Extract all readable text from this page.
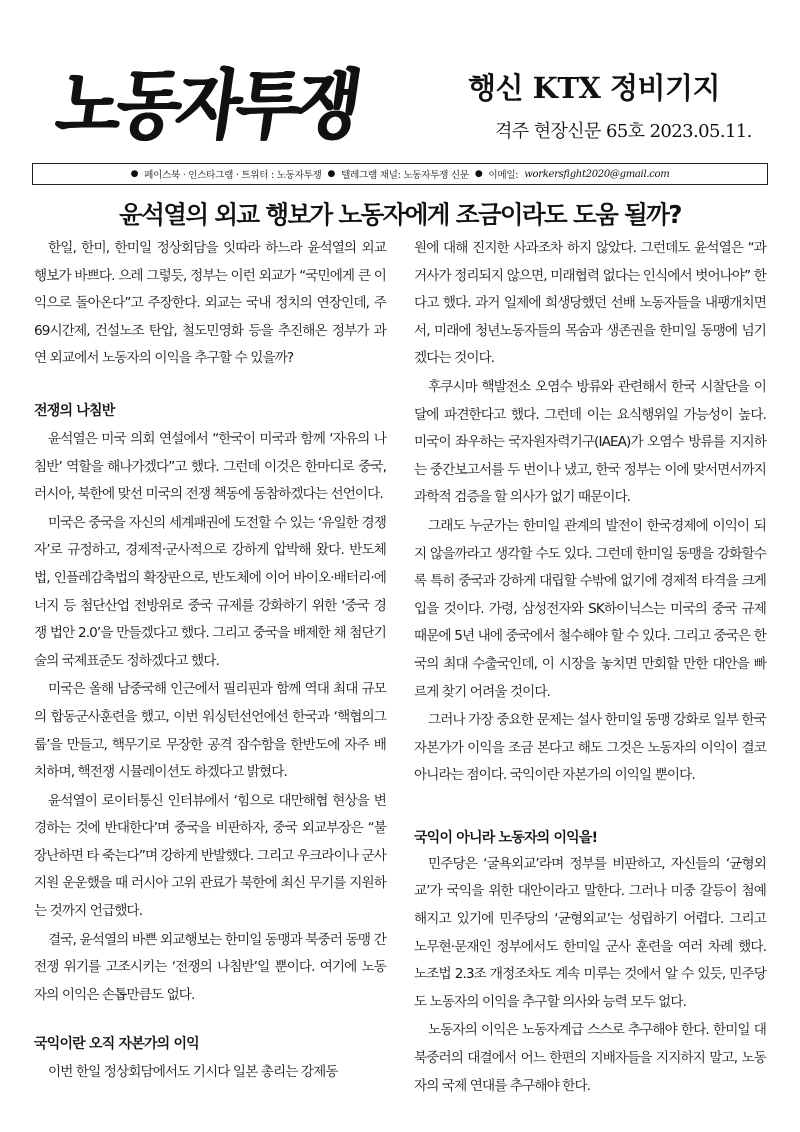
노동자투쟁	행신 KTX 정비기지
격주 현장신문 65호 2023.05.11.
● 페이스북 · 인스타그램 · 트위터 : 노동자투쟁 ● 텔레그램 채널: 노동자투쟁 신문 ● 이메일: workersfight2020@gmail.com
윤석열의 외교 행보가 노동자에게 조금이라도 도움 될까?

한일, 한미, 한미일 정상회담을 잇따라 하느라 윤석열의 외교 행보가 바쁘다. 으레 그렇듯, 정부는 이런 외교가 “국민에게 큰 이익으로 돌아온다”고 주장한다. 외교는 국내 정치의 연장인데, 주 69시간제, 건설노조 탄압, 철도민영화 등을 추진해온 정부가 과연 외교에서 노동자의 이익을 추구할 수 있을까?

전쟁의 나침반

윤석열은 미국 의회 연설에서 “한국이 미국과 함께 ‘자유의 나침반’ 역할을 해나가겠다”고 했다. 그런데 이것은 한마디로 중국, 러시아, 북한에 맞선 미국의 전쟁 책동에 동참하겠다는 선언이다.

미국은 중국을 자신의 세계패권에 도전할 수 있는 ‘유일한 경쟁자’로 규정하고, 경제적·군사적으로 강하게 압박해 왔다. 반도체법, 인플레감축법의 확장판으로, 반도체에 이어 바이오·배터리·에너지 등 첨단산업 전방위로 중국 규제를 강화하기 위한 ‘중국 경쟁 법안 2.0’을 만들겠다고 했다. 그리고 중국을 배제한 채 첨단기술의 국제표준도 정하겠다고 했다.

미국은 올해 남중국해 인근에서 필리핀과 함께 역대 최대 규모의 합동군사훈련을 했고, 이번 워싱턴선언에선 한국과 ‘핵협의그룹’을 만들고, 핵무기로 무장한 공격 잠수함을 한반도에 자주 배치하며, 핵전쟁 시뮬레이션도 하겠다고 밝혔다.

윤석열이 로이터통신 인터뷰에서 ‘힘으로 대만해협 현상을 변경하는 것에 반대한다’며 중국을 비판하자, 중국 외교부장은 “불장난하면 타 죽는다”며 강하게 반발했다. 그리고 우크라이나 군사지원 운운했을 때 러시아 고위 관료가 북한에 최신 무기를 지원하는 것까지 언급했다.

결국, 윤석열의 바쁜 외교행보는 한미일 동맹과 북중러 동맹 간 전쟁 위기를 고조시키는 ‘전쟁의 나침반’일 뿐이다. 여기에 노동자의 이익은 손톱만큼도 없다.

국익이란 오직 자본가의 이익

이번 한일 정상회담에서도 기시다 일본 총리는 강제동

원에 대해 진지한 사과조차 하지 않았다. 그런데도 윤석열은 “과거사가 정리되지 않으면, 미래협력 없다는 인식에서 벗어나야” 한다고 했다. 과거 일제에 희생당했던 선배 노동자들을 내팽개치면서, 미래에 청년노동자들의 목숨과 생존권을 한미일 동맹에 넘기겠다는 것이다.

후쿠시마 핵발전소 오염수 방류와 관련해서 한국 시찰단을 이달에 파견한다고 했다. 그런데 이는 요식행위일 가능성이 높다. 미국이 좌우하는 국자원자력기구(IAEA)가 오염수 방류를 지지하는 중간보고서를 두 번이나 냈고, 한국 정부는 이에 맞서면서까지 과학적 검증을 할 의사가 없기 때문이다.

그래도 누군가는 한미일 관계의 발전이 한국경제에 이익이 되지 않을까라고 생각할 수도 있다. 그런데 한미일 동맹을 강화할수록 특히 중국과 강하게 대립할 수밖에 없기에 경제적 타격을 크게 입을 것이다. 가령, 삼성전자와 SK하이닉스는 미국의 중국 규제 때문에 5년 내에 중국에서 철수해야 할 수 있다. 그리고 중국은 한국의 최대 수출국인데, 이 시장을 놓치면 만회할 만한 대안을 빠르게 찾기 어려울 것이다.

그러나 가장 중요한 문제는 설사 한미일 동맹 강화로 일부 한국 자본가가 이익을 조금 본다고 해도 그것은 노동자의 이익이 결코 아니라는 점이다. 국익이란 자본가의 이익일 뿐이다.

국익이 아니라 노동자의 이익을!

민주당은 ‘굴욕외교’라며 정부를 비판하고, 자신들의 ‘균형외교’가 국익을 위한 대안이라고 말한다. 그러나 미중 갈등이 첨예해지고 있기에 민주당의 ‘균형외교’는 성립하기 어렵다. 그리고 노무현·문재인 정부에서도 한미일 군사 훈련을 여러 차례 했다. 노조법 2.3조 개정조차도 계속 미루는 것에서 알 수 있듯, 민주당도 노동자의 이익을 추구할 의사와 능력 모두 없다.

노동자의 이익은 노동자계급 스스로 추구해야 한다. 한미일 대 북중러의 대결에서 어느 한편의 지배자들을 지지하지 말고, 노동자의 국제 연대를 추구해야 한다.
